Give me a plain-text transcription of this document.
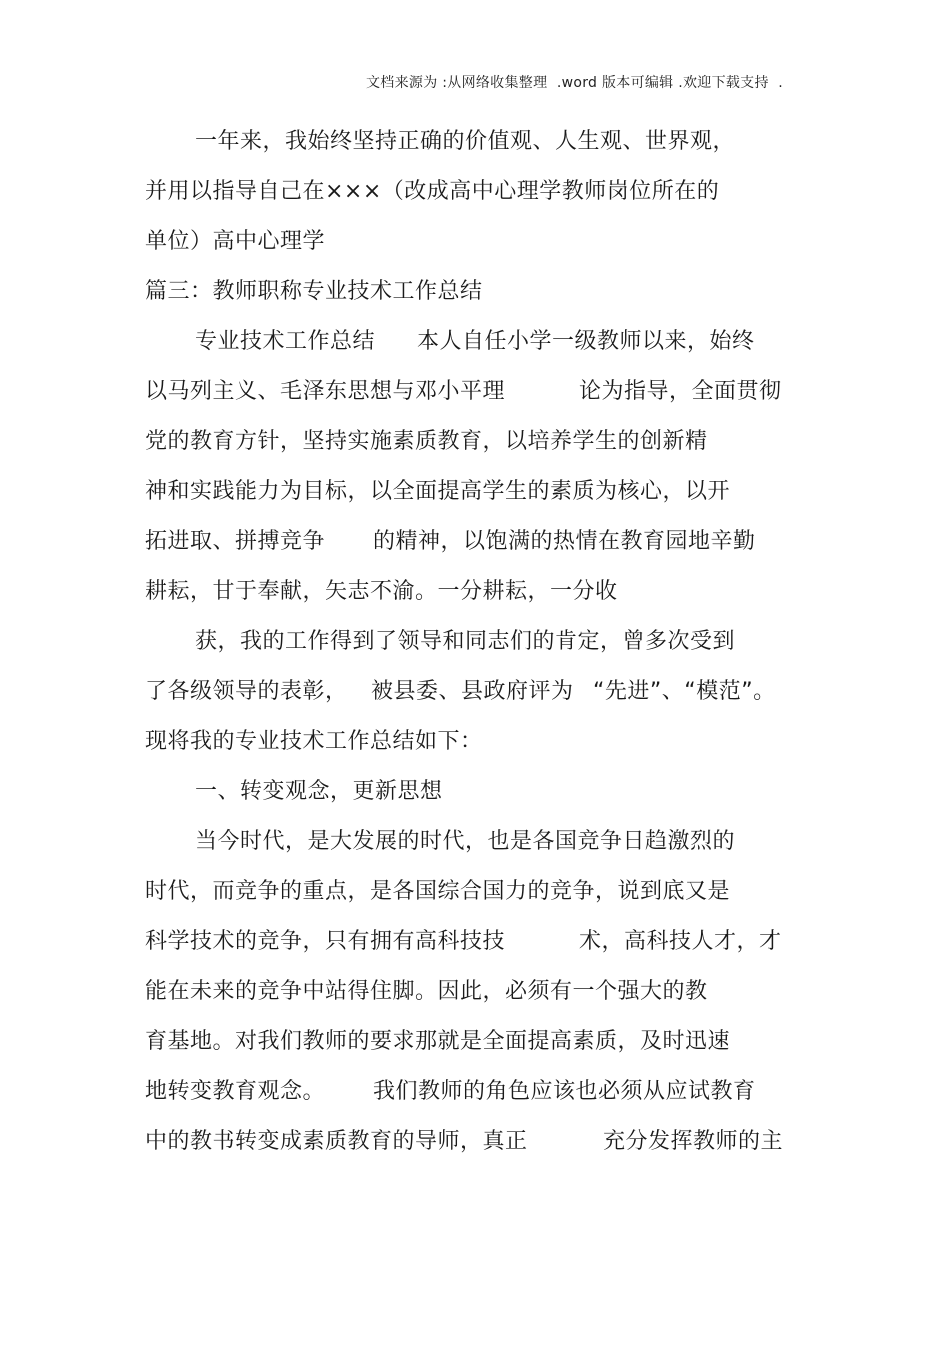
文档来源为 :从网络收集整理  .word 版本可编辑 .欢迎下载支持  .

一年来，我始终坚持正确的价值观、人生观、世界观，

并用以指导自己在×××（改成高中心理学教师岗位所在的

单位）高中心理学

篇三：教师职称专业技术工作总结

专业技术工作总结

本人自任小学一级教师以来，始终

以马列主义、毛泽东思想与邓小平理

	论为指导，全面贯彻

党的教育方针，坚持实施素质教育，以培养学生的创新精

神和实践能力为目标，以全面提高学生的素质为核心，以开

拓进取、拼搏竞争

的精神，以饱满的热情在教育园地辛勤

耕耘，甘于奉献，矢志不渝。一分耕耘，一分收

获，我的工作得到了领导和同志们的肯定，曾多次受到

了各级领导的表彰，

被县委、县政府评为

“先进”、“模范”。

现将我的专业技术工作总结如下：

一、转变观念，更新思想

当今时代，是大发展的时代，也是各国竞争日趋激烈的

时代，而竞争的重点，是各国综合国力的竞争，说到底又是

科学技术的竞争，只有拥有高科技技

	术，高科技人才，才

能在未来的竞争中站得住脚。因此，必须有一个强大的教

育基地。对我们教师的要求那就是全面提高素质，及时迅速

地转变教育观念。

我们教师的角色应该也必须从应试教育

中的教书转变成素质教育的导师，真正

	充分发挥教师的主
